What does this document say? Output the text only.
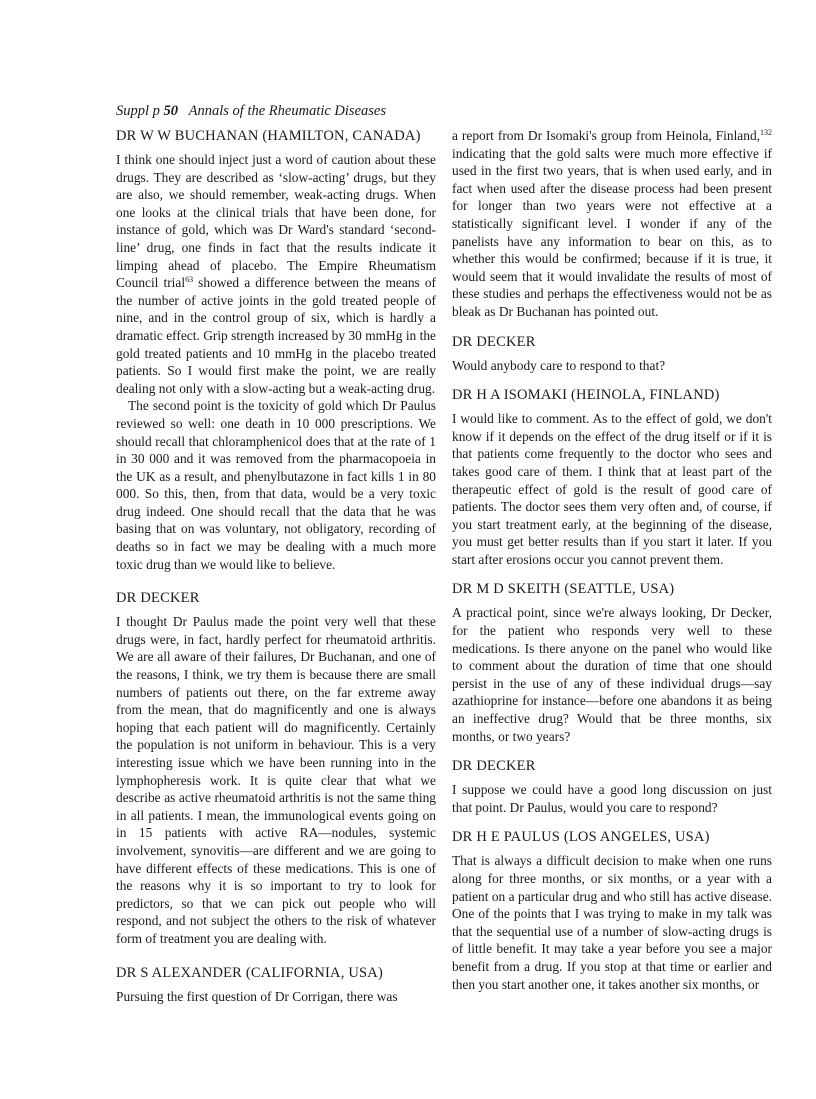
Suppl p 50 Annals of the Rheumatic Diseases
DR W W BUCHANAN (HAMILTON, CANADA)

I think one should inject just a word of caution about these drugs. They are described as ‘slow-acting’ drugs, but they are also, we should remember, weak-acting drugs. When one looks at the clinical trials that have been done, for instance of gold, which was Dr Ward's standard ‘second-line’ drug, one finds in fact that the results indicate it limping ahead of placebo. The Empire Rheumatism Council trial$^{63}$ showed a difference between the means of the number of active joints in the gold treated people of nine, and in the control group of six, which is hardly a dramatic effect. Grip strength increased by 30 mmHg in the gold treated patients and 10 mmHg in the placebo treated patients. So I would first make the point, we are really dealing not only with a slow-acting but a weak-acting drug.

The second point is the toxicity of gold which Dr Paulus reviewed so well: one death in 10 000 prescriptions. We should recall that chloramphenicol does that at the rate of 1 in 30 000 and it was removed from the pharmacopoeia in the UK as a result, and phenylbutazone in fact kills 1 in 80 000. So this, then, from that data, would be a very toxic drug indeed. One should recall that the data that he was basing that on was voluntary, not obligatory, recording of deaths so in fact we may be dealing with a much more toxic drug than we would like to believe.

DR DECKER

I thought Dr Paulus made the point very well that these drugs were, in fact, hardly perfect for rheumatoid arthritis. We are all aware of their failures, Dr Buchanan, and one of the reasons, I think, we try them is because there are small numbers of patients out there, on the far extreme away from the mean, that do magnificently and one is always hoping that each patient will do magnificently. Certainly the population is not uniform in behaviour. This is a very interesting issue which we have been running into in the lymphopheresis work. It is quite clear that what we describe as active rheumatoid arthritis is not the same thing in all patients. I mean, the immunological events going on in 15 patients with active RA—nodules, systemic involvement, synovitis—are different and we are going to have different effects of these medications. This is one of the reasons why it is so important to try to look for predictors, so that we can pick out people who will respond, and not subject the others to the risk of whatever form of treatment you are dealing with.

DR S ALEXANDER (CALIFORNIA, USA)

Pursuing the first question of Dr Corrigan, there was

a report from Dr Isomaki's group from Heinola, Finland,$^{132}$ indicating that the gold salts were much more effective if used in the first two years, that is when used early, and in fact when used after the disease process had been present for longer than two years were not effective at a statistically significant level. I wonder if any of the panelists have any information to bear on this, as to whether this would be confirmed; because if it is true, it would seem that it would invalidate the results of most of these studies and perhaps the effectiveness would not be as bleak as Dr Buchanan has pointed out.

DR DECKER

Would anybody care to respond to that?

DR H A ISOMAKI (HEINOLA, FINLAND)

I would like to comment. As to the effect of gold, we don't know if it depends on the effect of the drug itself or if it is that patients come frequently to the doctor who sees and takes good care of them. I think that at least part of the therapeutic effect of gold is the result of good care of patients. The doctor sees them very often and, of course, if you start treatment early, at the beginning of the disease, you must get better results than if you start it later. If you start after erosions occur you cannot prevent them.

DR M D SKEITH (SEATTLE, USA)

A practical point, since we're always looking, Dr Decker, for the patient who responds very well to these medications. Is there anyone on the panel who would like to comment about the duration of time that one should persist in the use of any of these individual drugs—say azathioprine for instance—before one abandons it as being an ineffective drug? Would that be three months, six months, or two years?

DR DECKER

I suppose we could have a good long discussion on just that point. Dr Paulus, would you care to respond?

DR H E PAULUS (LOS ANGELES, USA)

That is always a difficult decision to make when one runs along for three months, or six months, or a year with a patient on a particular drug and who still has active disease. One of the points that I was trying to make in my talk was that the sequential use of a number of slow-acting drugs is of little benefit. It may take a year before you see a major benefit from a drug. If you stop at that time or earlier and then you start another one, it takes another six months, or
